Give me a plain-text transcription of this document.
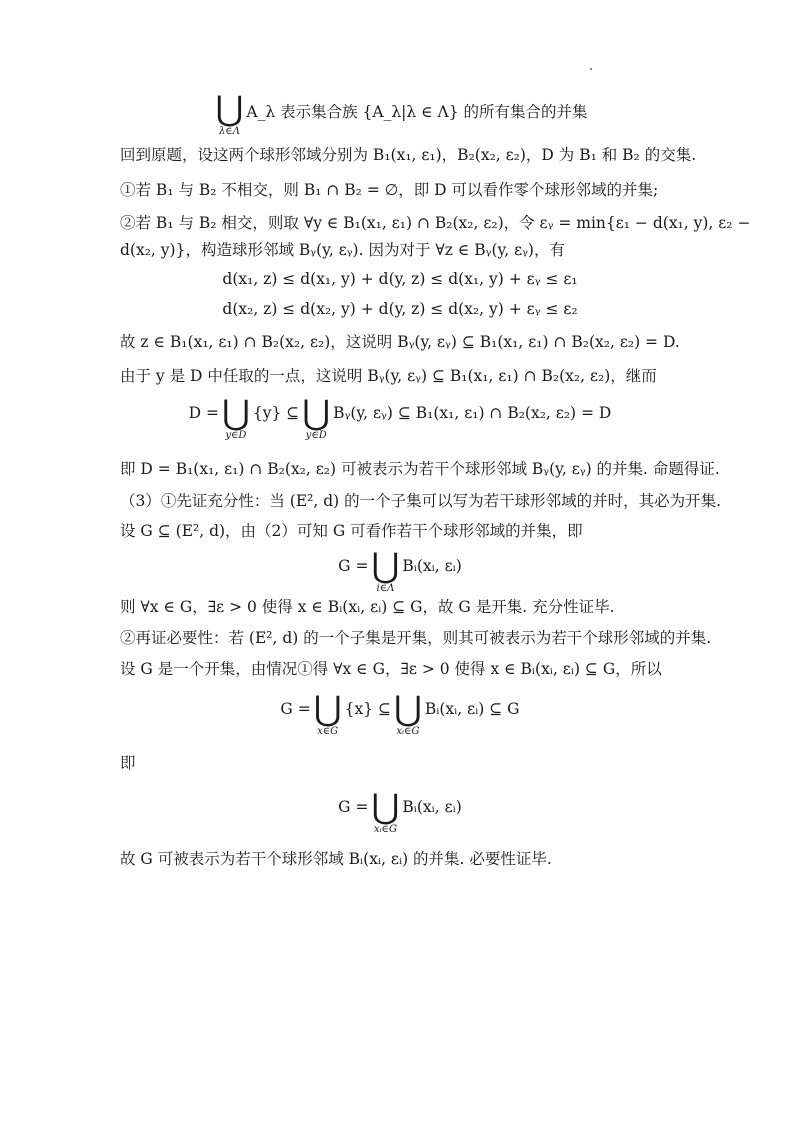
⋃
λ∈Λ
A_λ 表示集合族 {A_λ|λ ∈ Λ} 的所有集合的并集
回到原题，设这两个球形邻域分别为 B₁(x₁, ε₁)，B₂(x₂, ε₂)，D 为 B₁ 和 B₂ 的交集.
①若 B₁ 与 B₂ 不相交，则 B₁ ∩ B₂ = ∅，即 D 可以看作零个球形邻域的并集;
②若 B₁ 与 B₂ 相交，则取 ∀y ∈ B₁(x₁, ε₁) ∩ B₂(x₂, ε₂)，令 εᵧ = min{ε₁ − d(x₁, y), ε₂ −
d(x₂, y)}，构造球形邻域 Bᵧ(y, εᵧ). 因为对于 ∀z ∈ Bᵧ(y, εᵧ)，有
d(x₁, z) ≤ d(x₁, y) + d(y, z) ≤ d(x₁, y) + εᵧ ≤ ε₁
d(x₂, z) ≤ d(x₂, y) + d(y, z) ≤ d(x₂, y) + εᵧ ≤ ε₂
故 z ∈ B₁(x₁, ε₁) ∩ B₂(x₂, ε₂)，这说明 Bᵧ(y, εᵧ) ⊆ B₁(x₁, ε₁) ∩ B₂(x₂, ε₂) = D.
由于 y 是 D 中任取的一点，这说明 Bᵧ(y, εᵧ) ⊆ B₁(x₁, ε₁) ∩ B₂(x₂, ε₂)，继而
D = ⋃
y∈D
{y} ⊆ ⋃
y∈D
Bᵧ(y, εᵧ) ⊆ B₁(x₁, ε₁) ∩ B₂(x₂, ε₂) = D
即 D = B₁(x₁, ε₁) ∩ B₂(x₂, ε₂) 可被表示为若干个球形邻域 Bᵧ(y, εᵧ) 的并集. 命题得证.
（3）①先证充分性：当 (E², d) 的一个子集可以写为若干球形邻域的并时，其必为开集.
设 G ⊆ (E², d)，由（2）可知 G 可看作若干个球形邻域的并集，即
G = ⋃
i∈Λ
Bᵢ(xᵢ, εᵢ)
则 ∀x ∈ G，∃ε > 0 使得 x ∈ Bᵢ(xᵢ, εᵢ) ⊆ G，故 G 是开集. 充分性证毕.
②再证必要性：若 (E², d) 的一个子集是开集，则其可被表示为若干个球形邻域的并集.
设 G 是一个开集，由情况①得 ∀x ∈ G，∃ε > 0 使得 x ∈ Bᵢ(xᵢ, εᵢ) ⊆ G，所以
G = ⋃
x∈G
{x} ⊆ ⋃
xᵢ∈G
Bᵢ(xᵢ, εᵢ) ⊆ G
即
G = ⋃
xᵢ∈G
Bᵢ(xᵢ, εᵢ)
故 G 可被表示为若干个球形邻域 Bᵢ(xᵢ, εᵢ) 的并集. 必要性证毕.
